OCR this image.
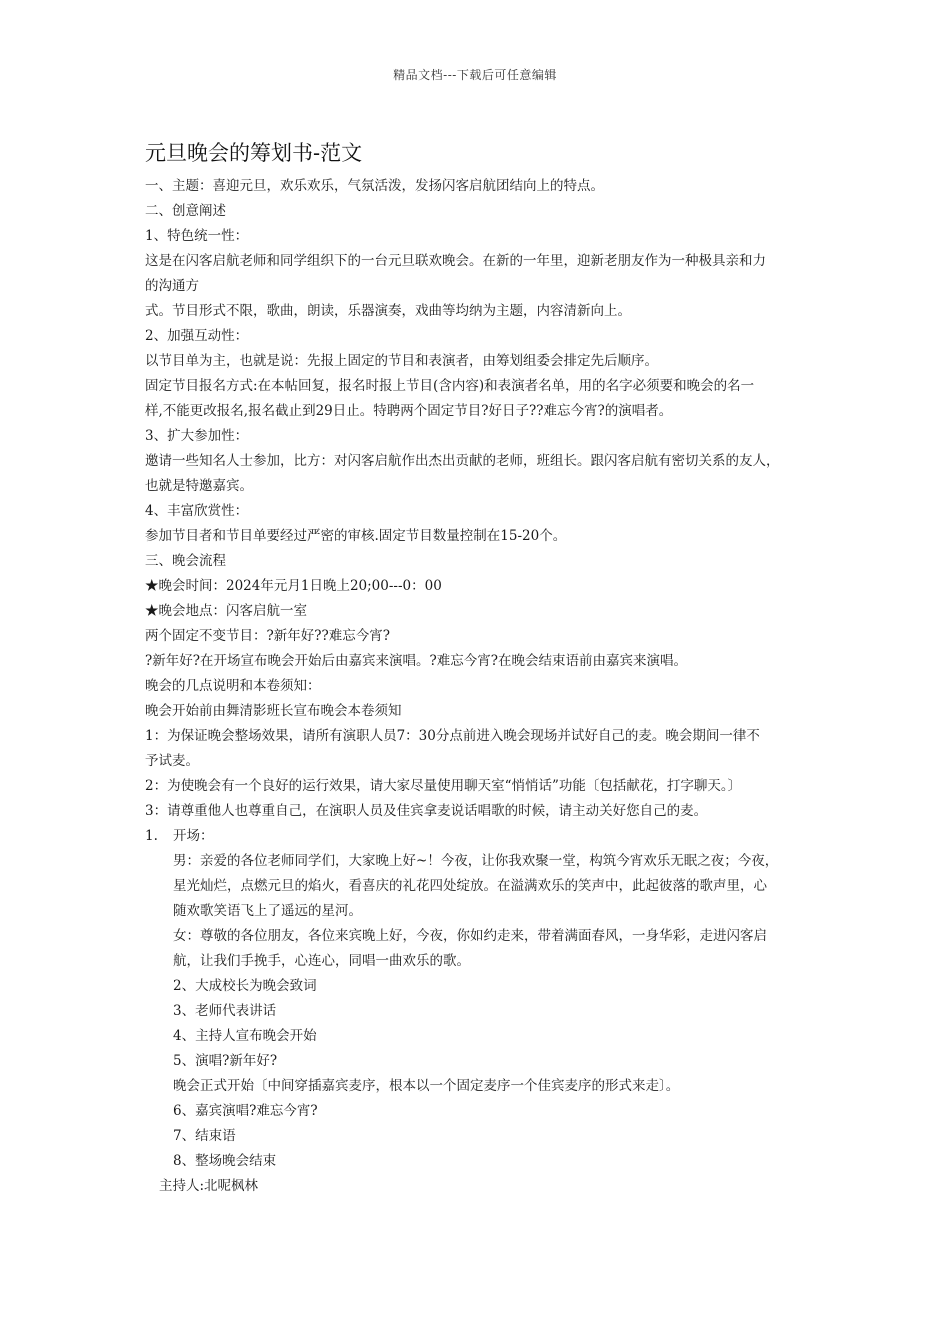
精品文档---下载后可任意编辑
元旦晚会的筹划书-范文
一、主题：喜迎元旦，欢乐欢乐，气氛活泼，发扬闪客启航团结向上的特点。
二、创意阐述
1、特色统一性：
这是在闪客启航老师和同学组织下的一台元旦联欢晚会。在新的一年里，迎新老朋友作为一种极具亲和力
的沟通方
式。节目形式不限，歌曲，朗读，乐器演奏，戏曲等均纳为主题，内容清新向上。
2、加强互动性：
以节目单为主，也就是说：先报上固定的节目和表演者，由筹划组委会排定先后顺序。
固定节目报名方式:在本帖回复，报名时报上节目(含内容)和表演者名单，用的名字必须要和晚会的名一
样,不能更改报名,报名截止到29日止。特聘两个固定节目?好日子??难忘今宵?的演唱者。
3、扩大参加性：
邀请一些知名人士参加，比方：对闪客启航作出杰出贡献的老师，班组长。跟闪客启航有密切关系的友人，
也就是特邀嘉宾。
4、丰富欣赏性：
参加节目者和节目单要经过严密的审核.固定节目数量控制在15-20个。
三、晚会流程
★晚会时间：2024年元月1日晚上20;00---0：00
★晚会地点：闪客启航一室
两个固定不变节目：?新年好??难忘今宵?
?新年好?在开场宣布晚会开始后由嘉宾来演唱。?难忘今宵?在晚会结束语前由嘉宾来演唱。
晚会的几点说明和本卷须知：
晚会开始前由舞清影班长宣布晚会本卷须知
1：为保证晚会整场效果，请所有演职人员7：30分点前进入晚会现场并试好自己的麦。晚会期间一律不
予试麦。
2：为使晚会有一个良好的运行效果，请大家尽量使用聊天室“悄悄话”功能〔包括献花，打字聊天。〕
3：请尊重他人也尊重自己，在演职人员及佳宾拿麦说话唱歌的时候，请主动关好您自己的麦。
1.	开场：
男：亲爱的各位老师同学们，大家晚上好~！今夜，让你我欢聚一堂，构筑今宵欢乐无眠之夜；今夜，
星光灿烂，点燃元旦的焰火，看喜庆的礼花四处绽放。在溢满欢乐的笑声中，此起彼落的歌声里，心
随欢歌笑语飞上了遥远的星河。
女：尊敬的各位朋友，各位来宾晚上好，今夜，你如约走来，带着满面春风，一身华彩，走进闪客启
航，让我们手挽手，心连心，同唱一曲欢乐的歌。
2、大成校长为晚会致词
3、老师代表讲话
4、主持人宣布晚会开始
5、演唱?新年好?
晚会正式开始〔中间穿插嘉宾麦序，根本以一个固定麦序一个佳宾麦序的形式来走〕。
6、嘉宾演唱?难忘今宵?
7、结束语
8、整场晚会结束
主持人:北呢枫林
